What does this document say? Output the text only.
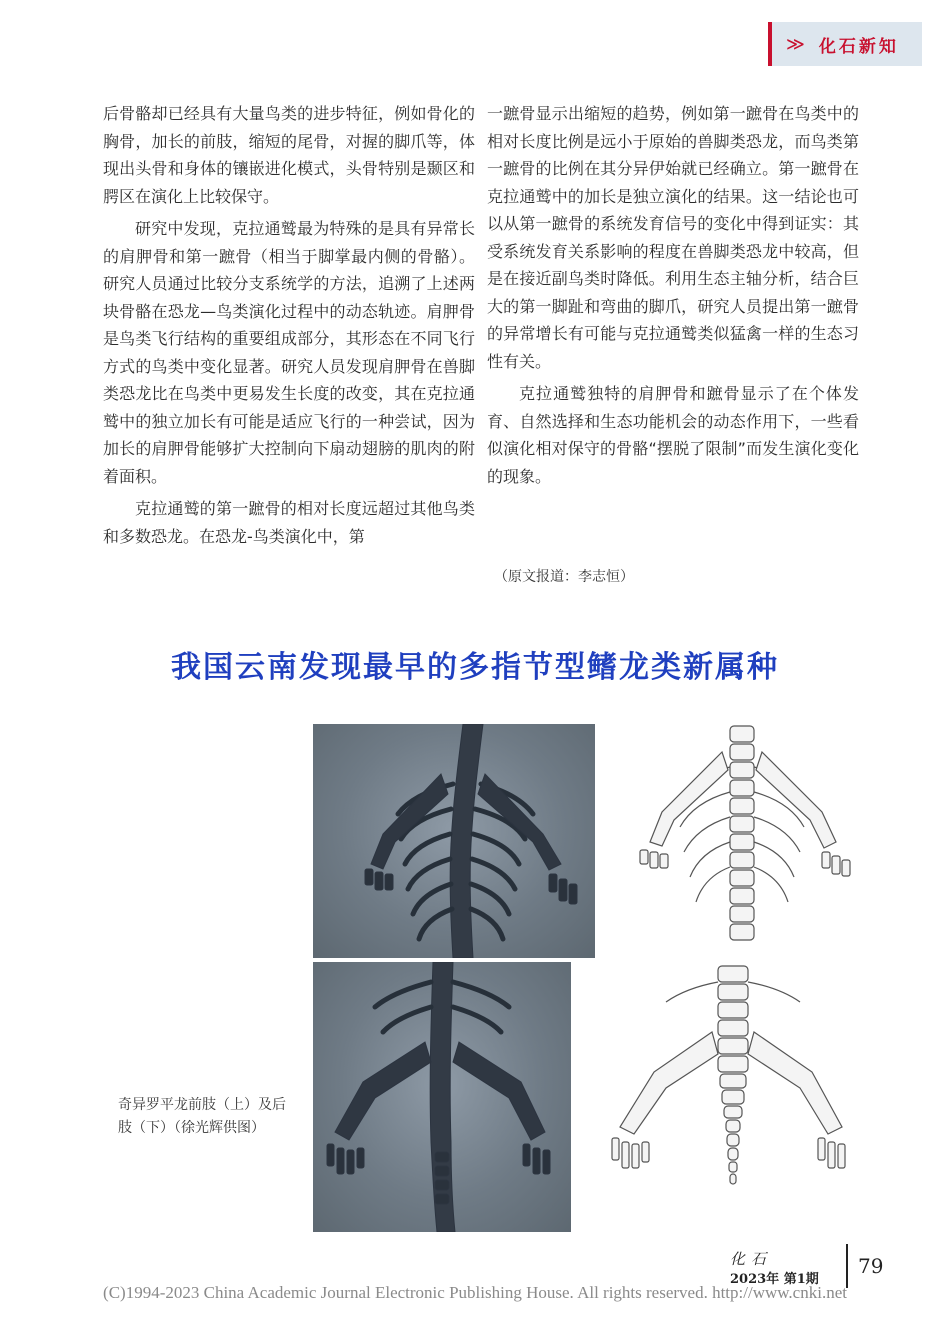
≫ 化石新知

后骨骼却已经具有大量鸟类的进步特征，例如骨化的胸骨，加长的前肢，缩短的尾骨，对握的脚爪等，体现出头骨和身体的镶嵌进化模式，头骨特别是颞区和腭区在演化上比较保守。

研究中发现，克拉通鹫最为特殊的是具有异常长的肩胛骨和第一蹠骨（相当于脚掌最内侧的骨骼）。研究人员通过比较分支系统学的方法，追溯了上述两块骨骼在恐龙—鸟类演化过程中的动态轨迹。肩胛骨是鸟类飞行结构的重要组成部分，其形态在不同飞行方式的鸟类中变化显著。研究人员发现肩胛骨在兽脚类恐龙比在鸟类中更易发生长度的改变，其在克拉通鹫中的独立加长有可能是适应飞行的一种尝试，因为加长的肩胛骨能够扩大控制向下扇动翅膀的肌肉的附着面积。

克拉通鹫的第一蹠骨的相对长度远超过其他鸟类和多数恐龙。在恐龙-鸟类演化中，第

一蹠骨显示出缩短的趋势，例如第一蹠骨在鸟类中的相对长度比例是远小于原始的兽脚类恐龙，而鸟类第一蹠骨的比例在其分异伊始就已经确立。第一蹠骨在克拉通鹫中的加长是独立演化的结果。这一结论也可以从第一蹠骨的系统发育信号的变化中得到证实：其受系统发育关系影响的程度在兽脚类恐龙中较高，但是在接近副鸟类时降低。利用生态主轴分析，结合巨大的第一脚趾和弯曲的脚爪，研究人员提出第一蹠骨的异常增长有可能与克拉通鹫类似猛禽一样的生态习性有关。

克拉通鹫独特的肩胛骨和蹠骨显示了在个体发育、自然选择和生态功能机会的动态作用下，一些看似演化相对保守的骨骼“摆脱了限制”而发生演化变化的现象。

（原文报道：李志恒）
我国云南发现最早的多指节型鳍龙类新属种
奇异罗平龙前肢（上）及后肢（下）（徐光辉供图）
化石
2023年 第1期
79
(C)1994-2023 China Academic Journal Electronic Publishing House. All rights reserved. http://www.cnki.net
